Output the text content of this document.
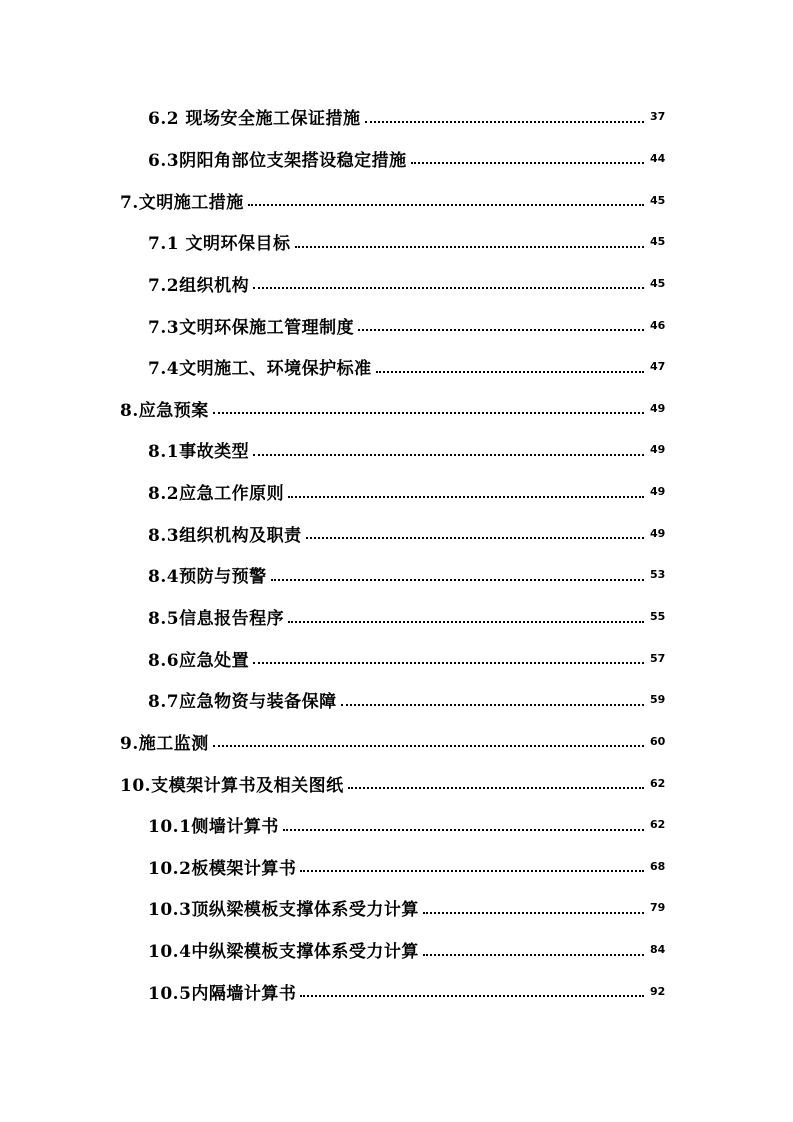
6.2 现场安全施工保证措施	37
6.3阴阳角部位支架搭设稳定措施	44
7.文明施工措施	45
7.1 文明环保目标	45
7.2组织机构	45
7.3文明环保施工管理制度	46
7.4文明施工、环境保护标准	47
8.应急预案	49
8.1事故类型	49
8.2应急工作原则	49
8.3组织机构及职责	49
8.4预防与预警	53
8.5信息报告程序	55
8.6应急处置	57
8.7应急物资与装备保障	59
9.施工监测	60
10.支模架计算书及相关图纸	62
10.1侧墙计算书	62
10.2板模架计算书	68
10.3顶纵梁模板支撑体系受力计算	79
10.4中纵梁模板支撑体系受力计算	84
10.5内隔墙计算书	92
